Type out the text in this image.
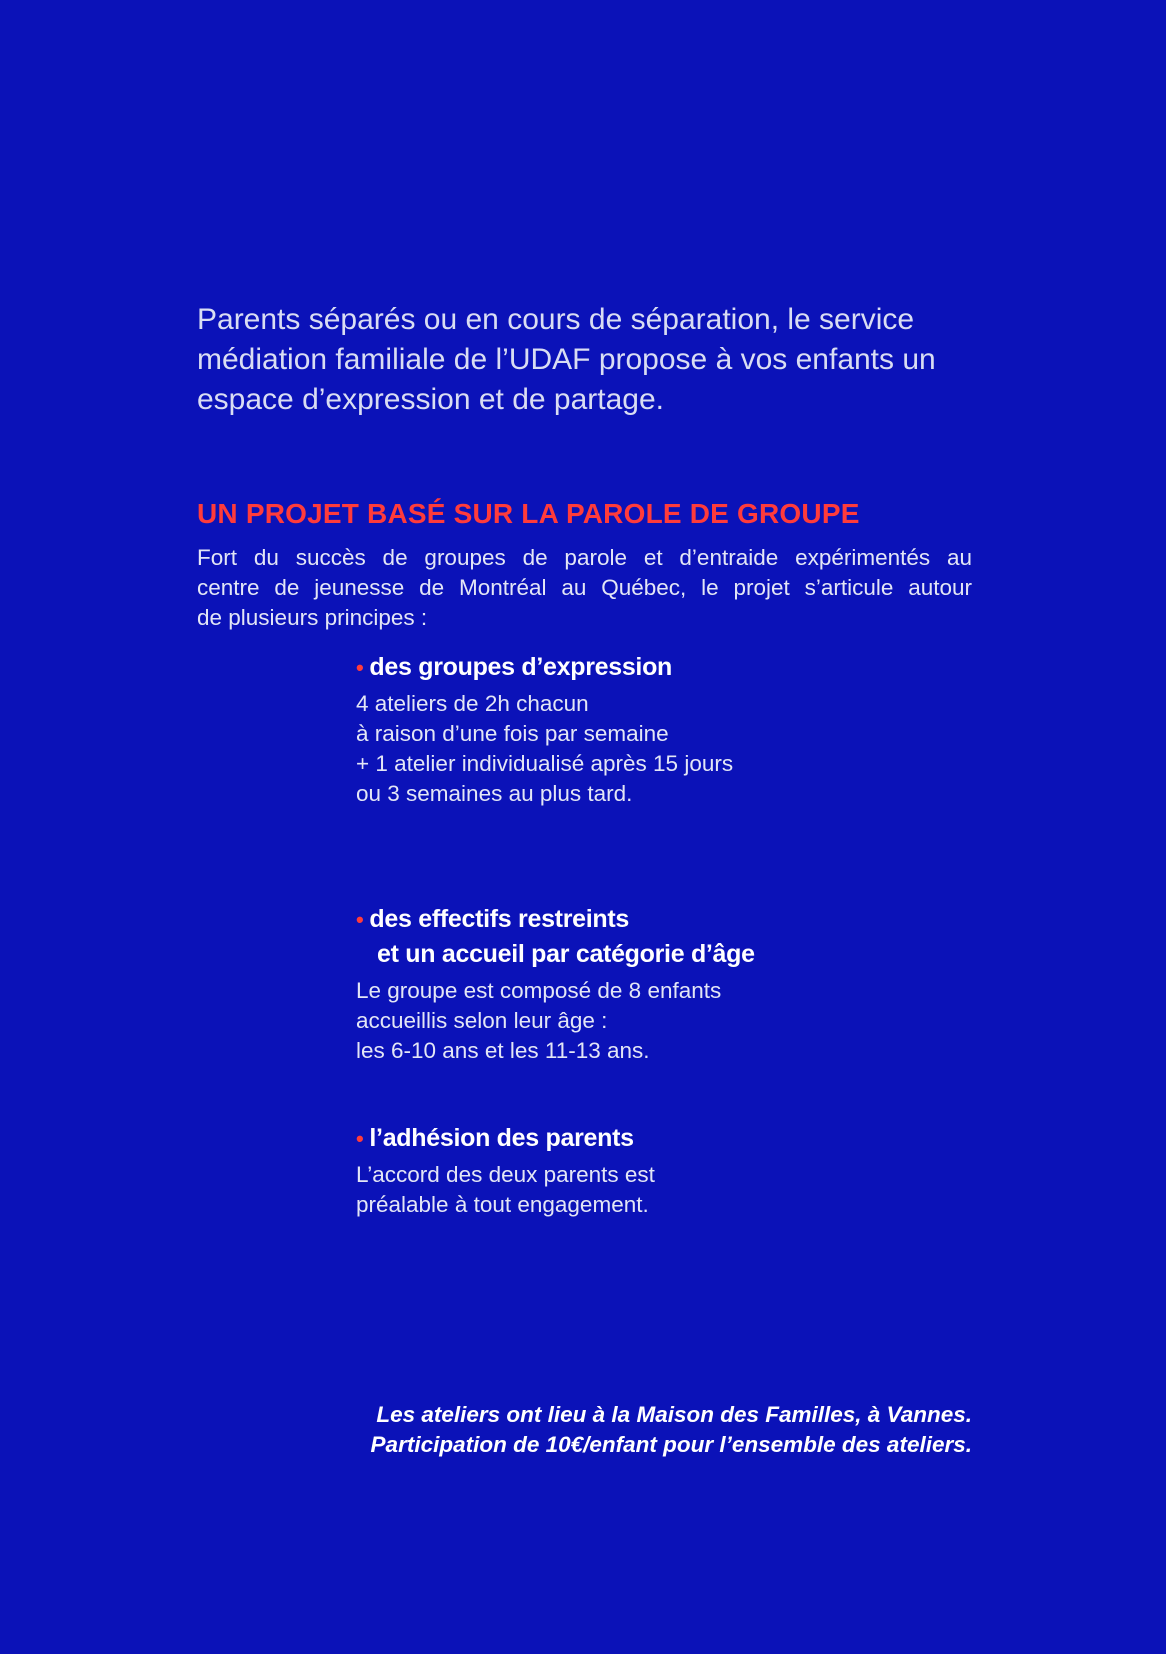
Parents séparés ou en cours de séparation, le service
médiation familiale de l’UDAF propose à vos enfants un
espace d’expression et de partage.

UN PROJET BASÉ SUR LA PAROLE DE GROUPE

Fort du succès de groupes de parole et d’entraide expérimentés au
centre de jeunesse de Montréal au Québec, le projet s’articule autour
de plusieurs principes :

• des groupes d’expression

4 ateliers de 2h chacun
à raison d’une fois par semaine
+ 1 atelier individualisé après 15 jours
ou 3 semaines au plus tard.

• des effectifs restreints
et un accueil par catégorie d’âge

Le groupe est composé de 8 enfants
accueillis selon leur âge :
les 6-10 ans et les 11-13 ans.

• l’adhésion des parents

L’accord des deux parents est
préalable à tout engagement.

Les ateliers ont lieu à la Maison des Familles, à Vannes.
Participation de 10€/enfant pour l’ensemble des ateliers.
